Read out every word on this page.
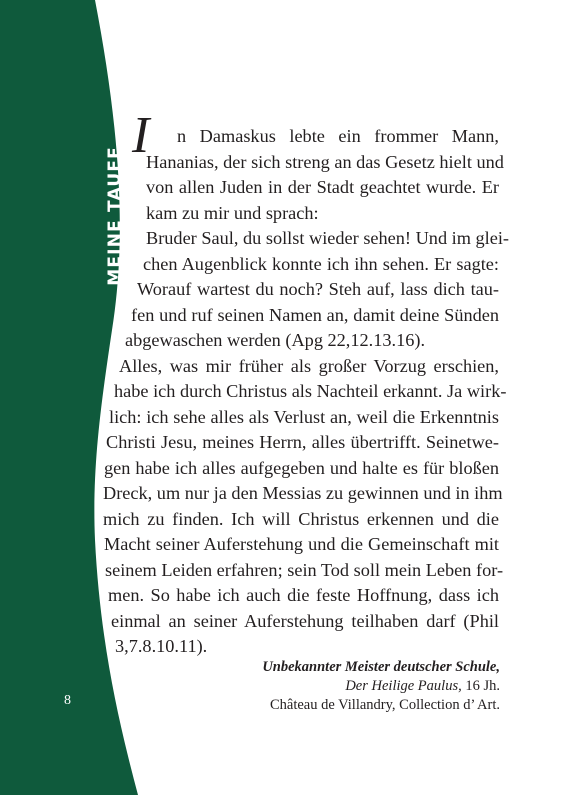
MEINE TAUFE
8
I n Damaskus lebte ein frommer Mann,
Hananias, der sich streng an das Gesetz hielt und
von allen Juden in der Stadt geachtet wurde. Er
kam zu mir und sprach:
Bruder Saul, du sollst wieder sehen! Und im glei-
chen Augenblick konnte ich ihn sehen. Er sagte:
Worauf wartest du noch? Steh auf, lass dich tau-
fen und ruf seinen Namen an, damit deine Sünden
abgewaschen werden (Apg 22,12.13.16).
Alles, was mir früher als großer Vorzug erschien,
habe ich durch Christus als Nachteil erkannt. Ja wirk-
lich: ich sehe alles als Verlust an, weil die Erkenntnis
Christi Jesu, meines Herrn, alles übertrifft. Seinetwe-
gen habe ich alles aufgegeben und halte es für bloßen
Dreck, um nur ja den Messias zu gewinnen und in ihm
mich zu finden. Ich will Christus erkennen und die
Macht seiner Auferstehung und die Gemeinschaft mit
seinem Leiden erfahren; sein Tod soll mein Leben for-
men. So habe ich auch die feste Hoffnung, dass ich
einmal an seiner Auferstehung teilhaben darf (Phil
3,7.8.10.11).
Unbekannter Meister deutscher Schule,
Der Heilige Paulus, 16 Jh.
Château de Villandry, Collection d’ Art.
